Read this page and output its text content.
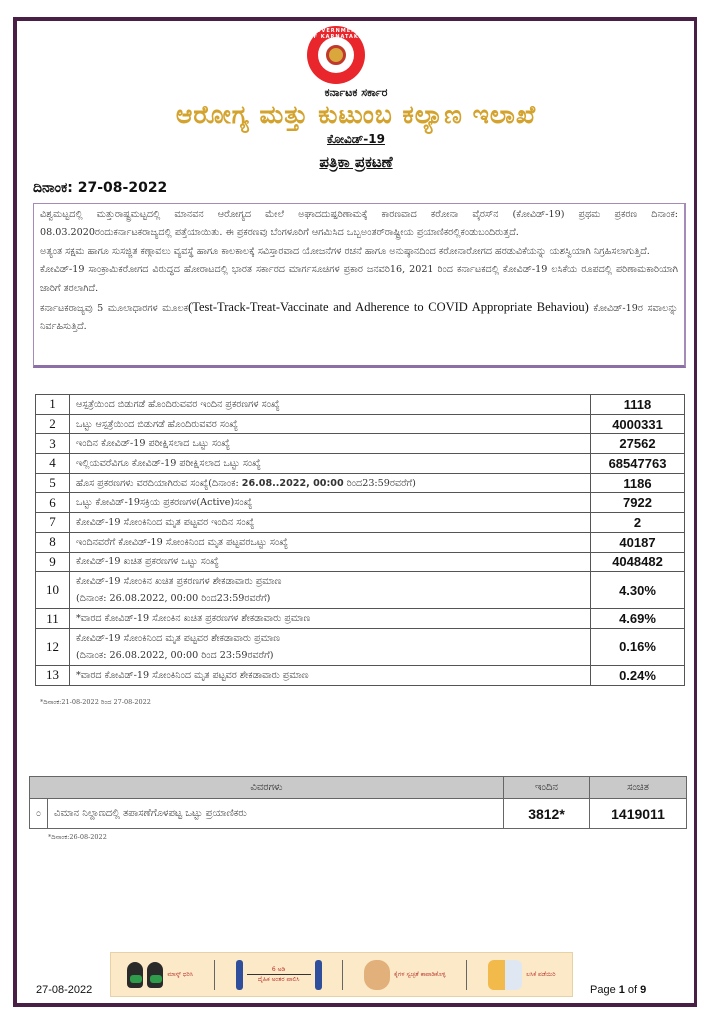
GOVERNMENT OF KARNATAKA
ಕರ್ನಾಟಕ ಸರ್ಕಾರ
ಆರೋಗ್ಯ ಮತ್ತು ಕುಟುಂಬ ಕಲ್ಯಾಣ ಇಲಾಖೆ
ಕೋವಿಡ್-19
ಪತ್ರಿಕಾ ಪ್ರಕಟಣೆ
ದಿನಾಂಕ: 27-08-2022

ವಿಶ್ವಮಟ್ಟದಲ್ಲಿ ಮತ್ತುರಾಷ್ಟ್ರಮಟ್ಟದಲ್ಲಿ ಮಾನವನ ಆರೋಗ್ಯದ ಮೇಲೆ ಅಘಾದದುಷ್ಪರಿಣಾಮಕ್ಕೆ ಕಾರಣವಾದ ಕರೋನಾ ವೈರಸ್‌ನ (ಕೋವಿಡ್-19) ಪ್ರಥಮ ಪ್ರಕರಣ ದಿನಾಂಕ: 08.03.2020ರಂದುಕರ್ನಾಟಕರಾಜ್ಯದಲ್ಲಿ ಪತ್ತೆಯಾಯಿತು. ಈ ಪ್ರಕರಣವು ಬೆಂಗಳೂರಿಗೆ ಆಗಮಿಸಿದ ಒಬ್ಬಅಂತರ್‌ರಾಷ್ಟ್ರೀಯ ಪ್ರಯಾಣಿಕರಲ್ಲಿಕಂಡುಬಂದಿರುತ್ತದೆ.

ಅತ್ಯಂತ ಸಕ್ಷಮ ಹಾಗೂ ಸುಸಜ್ಜಿತ ಕಣ್ಗಾವಲು ವ್ಯವಸ್ಥೆ ಹಾಗೂ ಕಾಲಕಾಲಕ್ಕೆ ಸವಿಸ್ತಾರವಾದ ಯೋಜನೆಗಳ ರಚನೆ ಹಾಗೂ ಅನುಷ್ಠಾನದಿಂದ ಕರೋನಾರೋಗದ ಹರಡುವಿಕೆಯನ್ನು ಯಶಸ್ವಿಯಾಗಿ ನಿಗ್ರಹಿಸಲಾಗುತ್ತಿದೆ.

ಕೋವಿಡ್-19 ಸಾಂಕ್ರಾಮಿಕರೋಗದ ವಿರುದ್ಧದ ಹೋರಾಟದಲ್ಲಿ ಭಾರತ ಸರ್ಕಾರದ ಮಾರ್ಗಸೂಚಿಗಳ ಪ್ರಕಾರ ಜನವರಿ16, 2021 ರಿಂದ ಕರ್ನಾಟಕದಲ್ಲಿ ಕೋವಿಡ್-19 ಲಸಿಕೆಯ ರೂಪದಲ್ಲಿ ಪರಿಣಾಮಕಾರಿಯಾಗಿ ಜಾರಿಗೆ ತರಲಾಗಿದೆ.

ಕರ್ನಾಟಕರಾಜ್ಯವು 5 ಮೂಲಾಧಾರಗಳ ಮೂಲಕ(Test-Track-Treat-Vaccinate and Adherence to COVID Appropriate Behaviou) ಕೋವಿಡ್-19ರ ಸವಾಲನ್ನು ನಿರ್ವಹಿಸುತ್ತಿದೆ.

1	ಆಸ್ಪತ್ರೆಯಿಂದ ಬಿಡುಗಡೆ ಹೊಂದಿರುವವರ ಇಂದಿನ ಪ್ರಕರಣಗಳ ಸಂಖ್ಯೆ	1118
2	ಒಟ್ಟು ಆಸ್ಪತ್ರೆಯಿಂದ ಬಿಡುಗಡೆ ಹೊಂದಿರುವವರ ಸಂಖ್ಯೆ	4000331
3	ಇಂದಿನ ಕೋವಿಡ್-19 ಪರೀಕ್ಷಿಸಲಾದ ಒಟ್ಟು ಸಂಖ್ಯೆ	27562
4	ಇಲ್ಲಿಯವರೆವಿಗೂ ಕೋವಿಡ್-19 ಪರೀಕ್ಷಿಸಲಾದ ಒಟ್ಟು ಸಂಖ್ಯೆ	68547763
5	ಹೊಸ ಪ್ರಕರಣಗಳು ವರದಿಯಾಗಿರುವ ಸಂಖ್ಯೆ(ದಿನಾಂಕ: 26.08..2022, 00:00 ರಿಂದ23:59ರವರೆಗೆ)	1186
6	ಒಟ್ಟು ಕೋವಿಡ್-19ಸಕ್ರಿಯ ಪ್ರಕರಣಗಳ(Active)ಸಂಖ್ಯೆ	7922
7	ಕೋವಿಡ್-19 ಸೋಂಕಿನಿಂದ ಮೃತ ಪಟ್ಟವರ ಇಂದಿನ ಸಂಖ್ಯೆ	2
8	ಇಂದಿನವರೆಗೆ ಕೋವಿಡ್-19 ಸೋಂಕಿನಿಂದ ಮೃತ ಪಟ್ಟವರಒಟ್ಟು ಸಂಖ್ಯೆ	40187
9	ಕೋವಿಡ್-19 ಖಚಿತ ಪ್ರಕರಣಗಳ ಒಟ್ಟು ಸಂಖ್ಯೆ	4048482
10	ಕೋವಿಡ್-19 ಸೋಂಕಿನ ಖಚಿತ ಪ್ರಕರಣಗಳ ಶೇಕಡಾವಾರು ಪ್ರಮಾಣ
(ದಿನಾಂಕ: 26.08.2022, 00:00 ರಿಂದ23:59ರವರೆಗೆ)	4.30%
11	*ವಾರದ ಕೋವಿಡ್-19 ಸೋಂಕಿನ ಖಚಿತ ಪ್ರಕರಣಗಳ ಶೇಕಡಾವಾರು ಪ್ರಮಾಣ	4.69%
12	ಕೋವಿಡ್-19 ಸೋಂಕಿನಿಂದ ಮೃತ ಪಟ್ಟವರ ಶೇಕಡಾವಾರು ಪ್ರಮಾಣ
(ದಿನಾಂಕ: 26.08.2022, 00:00 ರಿಂದ 23:59ರವರೆಗೆ)	0.16%
13	*ವಾರದ ಕೋವಿಡ್-19 ಸೋಂಕಿನಿಂದ ಮೃತ ಪಟ್ಟವರ ಶೇಕಡಾವಾರು ಪ್ರಮಾಣ	0.24%
*ದಿನಾಂಕ:21-08-2022 ರಿಂದ 27-08-2022
ವಿವರಗಳು		ಇಂದಿನ	ಸಂಚಿತ
೦	ವಿಮಾನ ನಿಲ್ದಾಣದಲ್ಲಿ ತಪಾಸಣೆಗೊಳಪಟ್ಟ ಒಟ್ಟು ಪ್ರಯಾಣಿಕರು	3812*	1419011
*ದಿನಾಂಕ:26-08-2022
27-08-2022
ಮಾಸ್ಕ್ ಧರಿಸಿ
6 ಅಡಿ
ದೈಹಿಕ ಅಂತರ ಪಾಲಿಸಿ
ಕೈಗಳ ಸ್ವಚ್ಛತೆ ಕಾಪಾಡಿಕೊಳ್ಳಿ	ಲಸಿಕೆ ಪಡೆಯಿರಿ
Page 1 of 9
